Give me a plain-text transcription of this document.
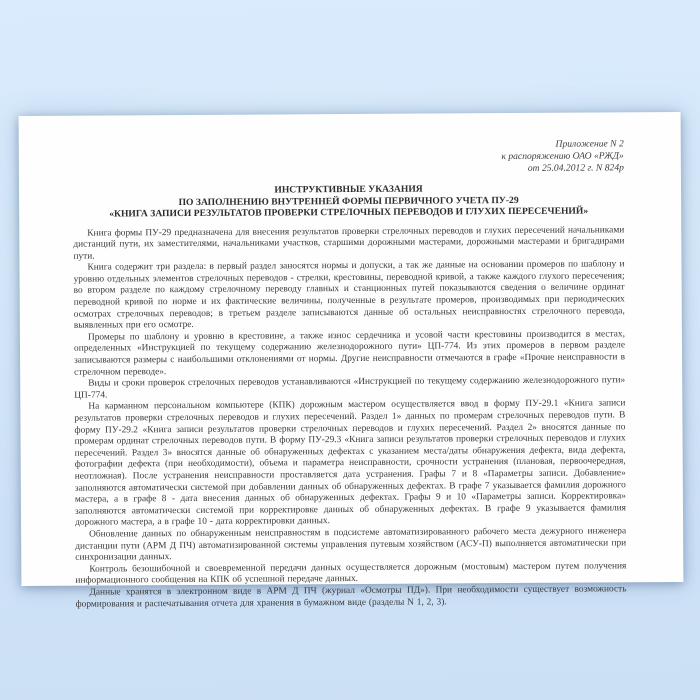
Приложение N 2
к распоряжению ОАО «РЖД»
от 25.04.2012 г. N 824р
ИНСТРУКТИВНЫЕ УКАЗАНИЯ
ПО ЗАПОЛНЕНИЮ ВНУТРЕННЕЙ ФОРМЫ ПЕРВИЧНОГО УЧЕТА ПУ-29
«КНИГА ЗАПИСИ РЕЗУЛЬТАТОВ ПРОВЕРКИ СТРЕЛОЧНЫХ ПЕРЕВОДОВ И ГЛУХИХ ПЕРЕСЕЧЕНИЙ»

Книга формы ПУ-29 предназначена для внесения результатов проверки стрелочных переводов и глухих пересечений начальниками дистанций пути, их заместителями, начальниками участков, старшими дорожными мастерами, дорожными мастерами и бригадирами пути.

Книга содержит три раздела: в первый раздел заносятся нормы и допуски, а так же данные на основании промеров по шаблону и уровню отдельных элементов стрелочных переводов - стрелки, крестовины, переводной кривой, а также каждого глухого пересечения; во втором разделе по каждому стрелочному переводу главных и станционных путей показываются сведения о величине ординат переводной кривой по норме и их фактические величины, полученные в результате промеров, производимых при периодических осмотрах стрелочных переводов; в третьем разделе записываются данные об остальных неисправностях стрелочного перевода, выявленных при его осмотре.

Промеры по шаблону и уровню в крестовине, а также износ сердечника и усовой части крестовины производится в местах, определенных «Инструкцией по текущему содержанию железнодорожного пути» ЦП-774. Из этих промеров в первом разделе записываются размеры с наибольшими отклонениями от нормы. Другие неисправности отмечаются в графе «Прочие неисправности в стрелочном переводе».

Виды и сроки проверок стрелочных переводов устанавливаются «Инструкцией по текущему содержанию железнодорожного пути» ЦП-774.

На карманном персональном компьютере (КПК) дорожным мастером осуществляется ввод в форму ПУ-29.1 «Книга записи результатов проверки стрелочных переводов и глухих пересечений. Раздел 1» данных по промерам стрелочных переводов пути. В форму ПУ-29.2 «Книга записи результатов проверки стрелочных переводов и глухих пересечений. Раздел 2» вносятся данные по промерам ординат стрелочных переводов пути. В форму ПУ-29.3 «Книга записи результатов проверки стрелочных переводов и глухих пересечений. Раздел 3» вносятся данные об обнаруженных дефектах с указанием места/даты обнаружения дефекта, вида дефекта, фотографии дефекта (при необходимости), объема и параметра неисправности, срочности устранения (плановая, первоочередная, неотложная). После устранения неисправности проставляется дата устранения. Графы 7 и 8 «Параметры записи. Добавление» заполняются автоматически системой при добавлении данных об обнаруженных дефектах. В графе 7 указывается фамилия дорожного мастера, а в графе 8 - дата внесения данных об обнаруженных дефектах. Графы 9 и 10 «Параметры записи. Корректировка» заполняются автоматически системой при корректировке данных об обнаруженных дефектах. В графе 9 указывается фамилия дорожного мастера, а в графе 10 - дата корректировки данных.

Обновление данных по обнаруженным неисправностям в подсистеме автоматизированного рабочего места дежурного инженера дистанции пути (АРМ Д ПЧ) автоматизированной системы управления путевым хозяйством (АСУ-П) выполняется автоматически при синхронизации данных.

Контроль безошибочной и своевременной передачи данных осуществляется дорожным (мостовым) мастером путем получения информационного сообщения на КПК об успешной передаче данных.

Данные хранятся в электронном виде в АРМ Д ПЧ (журнал «Осмотры ПД»). При необходимости существует возможность формирования и распечатывания отчета для хранения в бумажном виде (разделы N 1, 2, 3).
